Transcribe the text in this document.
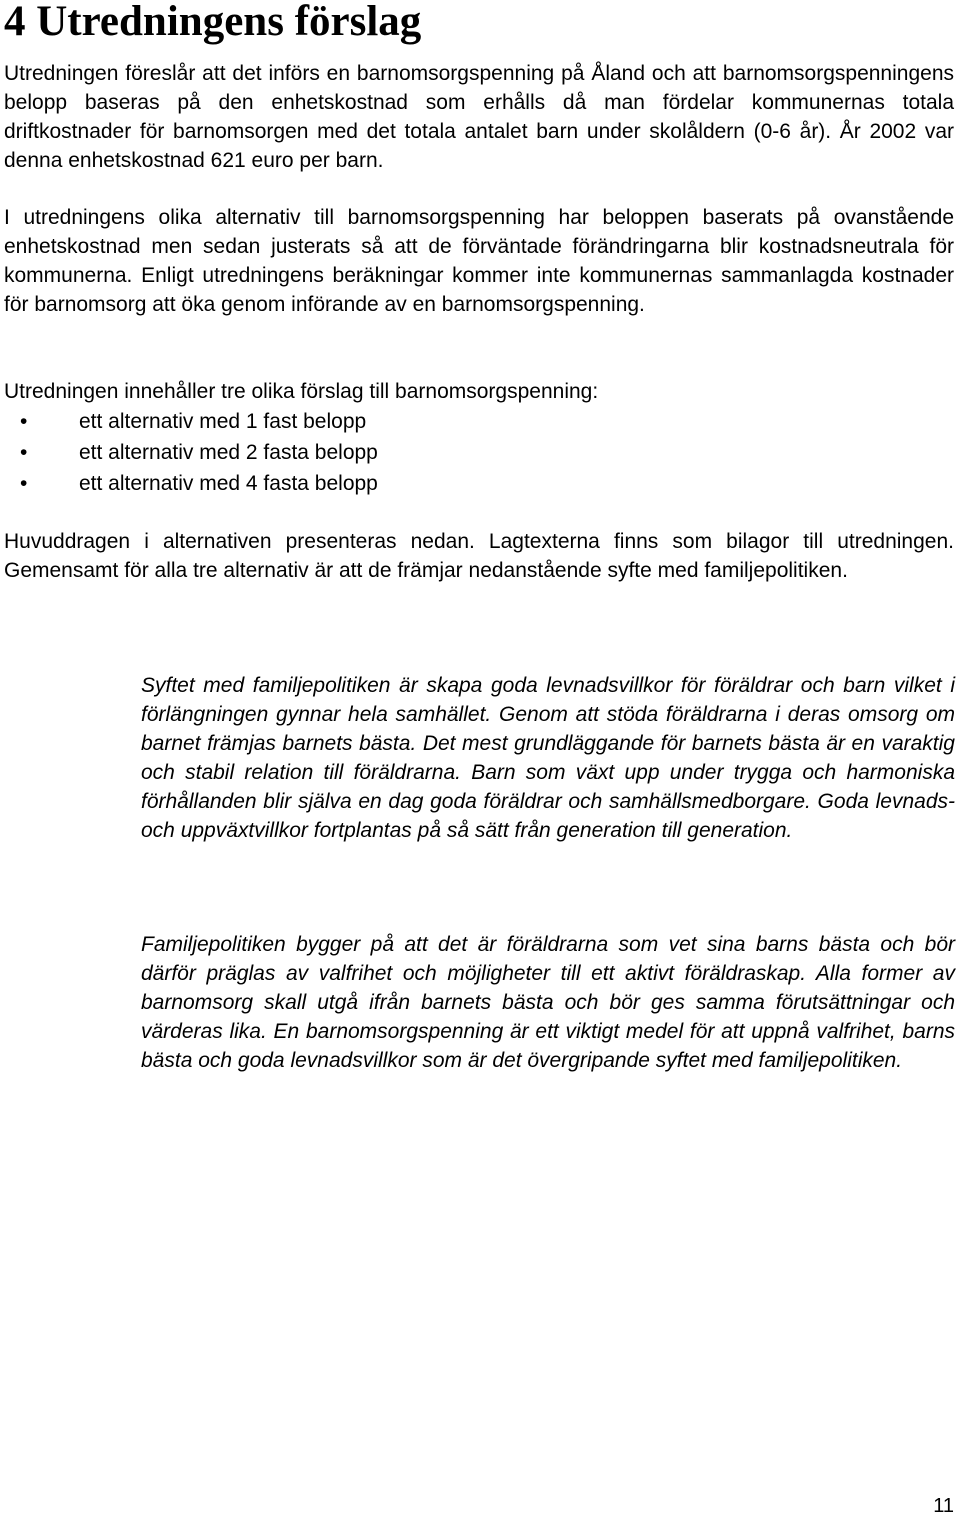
4 Utredningens förslag

Utredningen föreslår att det införs en barnomsorgspenning på Åland och att barnomsorgspenningens belopp baseras på den enhetskostnad som erhålls då man fördelar kommunernas totala driftkostnader för barnomsorgen med det totala antalet barn under skolåldern (0-6 år). År 2002 var denna enhetskostnad 621 euro per barn.

I utredningens olika alternativ till barnomsorgspenning har beloppen baserats på ovanstående enhetskostnad men sedan justerats så att de förväntade förändringarna blir kostnadsneutrala för kommunerna. Enligt utredningens beräkningar kommer inte kommunernas sammanlagda kostnader för barnomsorg att öka genom införande av en barnomsorgspenning.

Utredningen innehåller tre olika förslag till barnomsorgspenning:

• ett alternativ med 1 fast belopp
• ett alternativ med 2 fasta belopp
• ett alternativ med 4 fasta belopp

Huvuddragen i alternativen presenteras nedan. Lagtexterna finns som bilagor till utredningen. Gemensamt för alla tre alternativ är att de främjar nedanstående syfte med familjepolitiken.

Syftet med familjepolitiken är skapa goda levnadsvillkor för föräldrar och barn vilket i förlängningen gynnar hela samhället. Genom att stöda föräldrarna i deras omsorg om barnet främjas barnets bästa. Det mest grundläggande för barnets bästa är en varaktig och stabil relation till föräldrarna. Barn som växt upp under trygga och harmoniska förhållanden blir själva en dag goda föräldrar och samhällsmedborgare. Goda levnads- och uppväxtvillkor fortplantas på så sätt från generation till generation.

Familjepolitiken bygger på att det är föräldrarna som vet sina barns bästa och bör därför präglas av valfrihet och möjligheter till ett aktivt föräldraskap. Alla former av barnomsorg skall utgå ifrån barnets bästa och bör ges samma förutsättningar och värderas lika. En barnomsorgspenning är ett viktigt medel för att uppnå valfrihet, barns bästa och goda levnadsvillkor som är det övergripande syftet med familjepolitiken.

11
